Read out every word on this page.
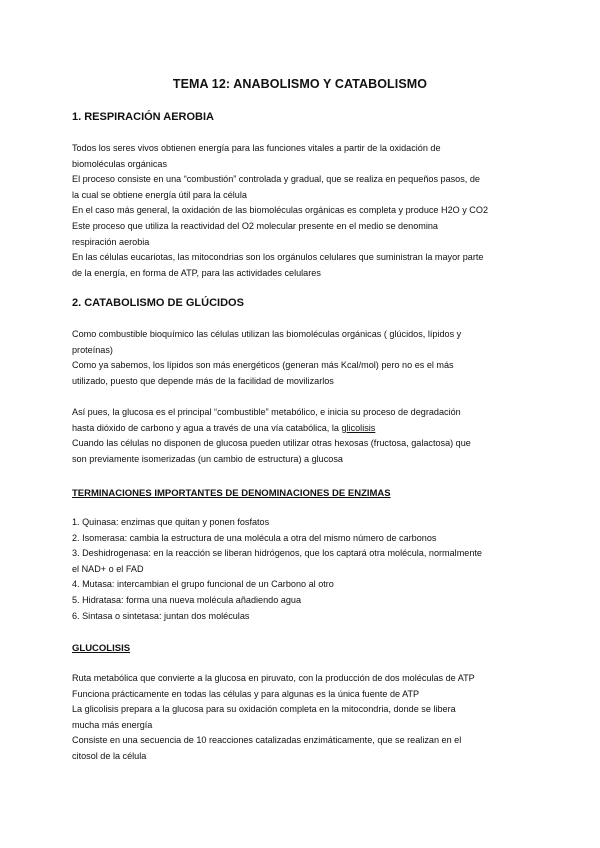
TEMA 12: ANABOLISMO Y CATABOLISMO
1. RESPIRACIÓN AEROBIA
Todos los seres vivos obtienen energía para las funciones vitales a partir de la oxidación de
biomoléculas orgánicas
El proceso consiste en una “combustión” controlada y gradual, que se realiza en pequeños pasos, de
la cual se obtiene energía útil para la célula
En el caso más general, la oxidación de las biomoléculas orgánicas es completa y produce H2O y CO2
Este proceso que utiliza la reactividad del O2 molecular presente en el medio se denomina
respiración aerobia
En las células eucariotas, las mitocondrias son los orgánulos celulares que suministran la mayor parte
de la energía, en forma de ATP, para las actividades celulares
2. CATABOLISMO DE GLÚCIDOS
Como combustible bioquímico las células utilizan las biomoléculas orgánicas ( glúcidos, lípidos y
proteínas)
Como ya sabemos, los lípidos son más energéticos (generan más Kcal/mol) pero no es el más
utilizado, puesto que depende más de la facilidad de movilizarlos
Así pues, la glucosa es el principal “combustible” metabólico, e inicia su proceso de degradación
hasta dióxido de carbono y agua a través de una vía catabólica, la glicolisis
Cuando las células no disponen de glucosa pueden utilizar otras hexosas (fructosa, galactosa) que
son previamente isomerizadas (un cambio de estructura) a glucosa
TERMINACIONES IMPORTANTES DE DENOMINACIONES DE ENZIMAS
1. Quinasa: enzimas que quitan y ponen fosfatos
2. Isomerasa: cambia la estructura de una molécula a otra del mismo número de carbonos
3. Deshidrogenasa: en la reacción se liberan hidrógenos, que los captará otra molécula, normalmente
el NAD+ o el FAD
4. Mutasa: intercambian el grupo funcional de un Carbono al otro
5. Hidratasa: forma una nueva molécula añadiendo agua
6. Sintasa o sintetasa: juntan dos moléculas
GLUCOLISIS
Ruta metabólica que convierte a la glucosa en piruvato, con la producción de dos moléculas de ATP
Funciona prácticamente en todas las células y para algunas es la única fuente de ATP
La glicolisis prepara a la glucosa para su oxidación completa en la mitocondria, donde se libera
mucha más energía
Consiste en una secuencia de 10 reacciones catalizadas enzimáticamente, que se realizan en el
citosol de la célula
